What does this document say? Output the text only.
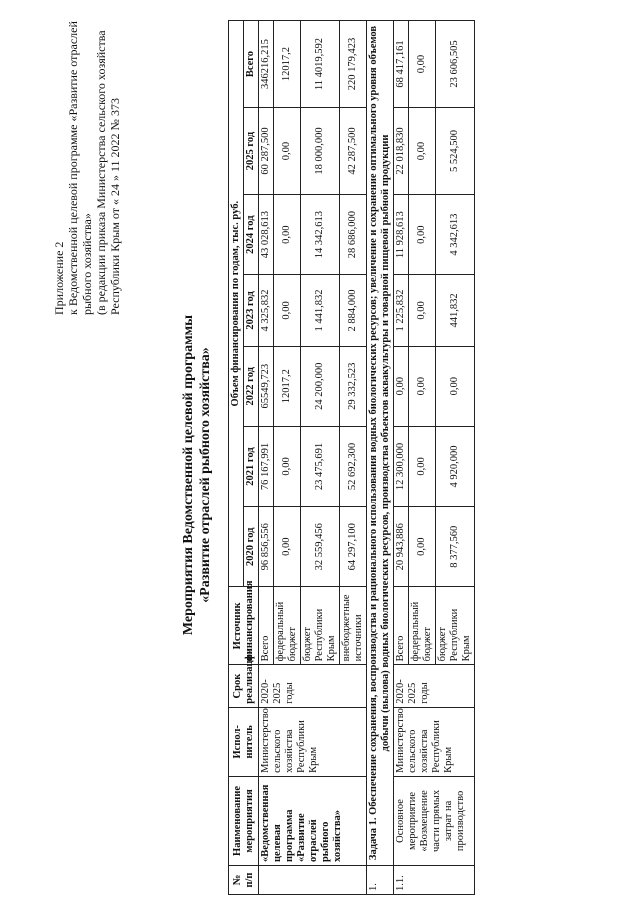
Приложение 2 к Ведомственной целевой программе «Развитие отраслей рыбного хозяйства» (в редакции приказа Министерства сельского хозяйства Республики Крым от « 24 » 11 2022 № 373
Мероприятия Ведомственной целевой программы «Развитие отраслей рыбного хозяйства»
№ п/п	Наименование мероприятия	Испол-нитель	Срок реализации	Источник финансирования	Объем финансирования по годам, тыс. руб.						
					2020 год	2021 год	2022 год	2023 год	2024 год	2025 год	Всего
	«Ведомственная целевая программа «Развитие отраслей рыбного хозяйства»	Министерство сельского хозяйства Республики Крым	2020-2025 годы	Всего	96 856,556	76 167,991	65549,723	4 325,832	43 028,613	60 287,500	346216,215
				федеральный бюджет	0,00	0,00	12017,2	0,00	0,00	0,00	12017,2
				бюджет Республики Крым	32 559,456	23 475,691	24 200,000	1 441,832	14 342,613	18 000,000	11 4019,592
				внебюджетные источники	64 297,100	52 692,300	29 332,523	2 884,000	28 686,000	42 287,500	220 179,423
1.	Задача 1. Обеспечение сохранения, воспроизводства и рационального использования водных биологических ресурсов; увеличение и сохранение оптимального уровня объемов добычи (вылова) водных биологических ресурсов, производства объектов аквакультуры и товарной пищевой рыбной продукции										
1.1.	Основное мероприятие «Возмещение части прямых затрат на производство	Министерство сельского хозяйства Республики Крым	2020-2025 годы	Всего	20 943,886	12 300,000	0,00	1 225,832	11 928,613	22 018,830	68 417,161
				федеральный бюджет	0,00	0,00	0,00	0,00	0,00	0,00	0,00
				бюджет Республики Крым	8 377,560	4 920,000	0,00	441,832	4 342,613	5 524,500	23 606,505
